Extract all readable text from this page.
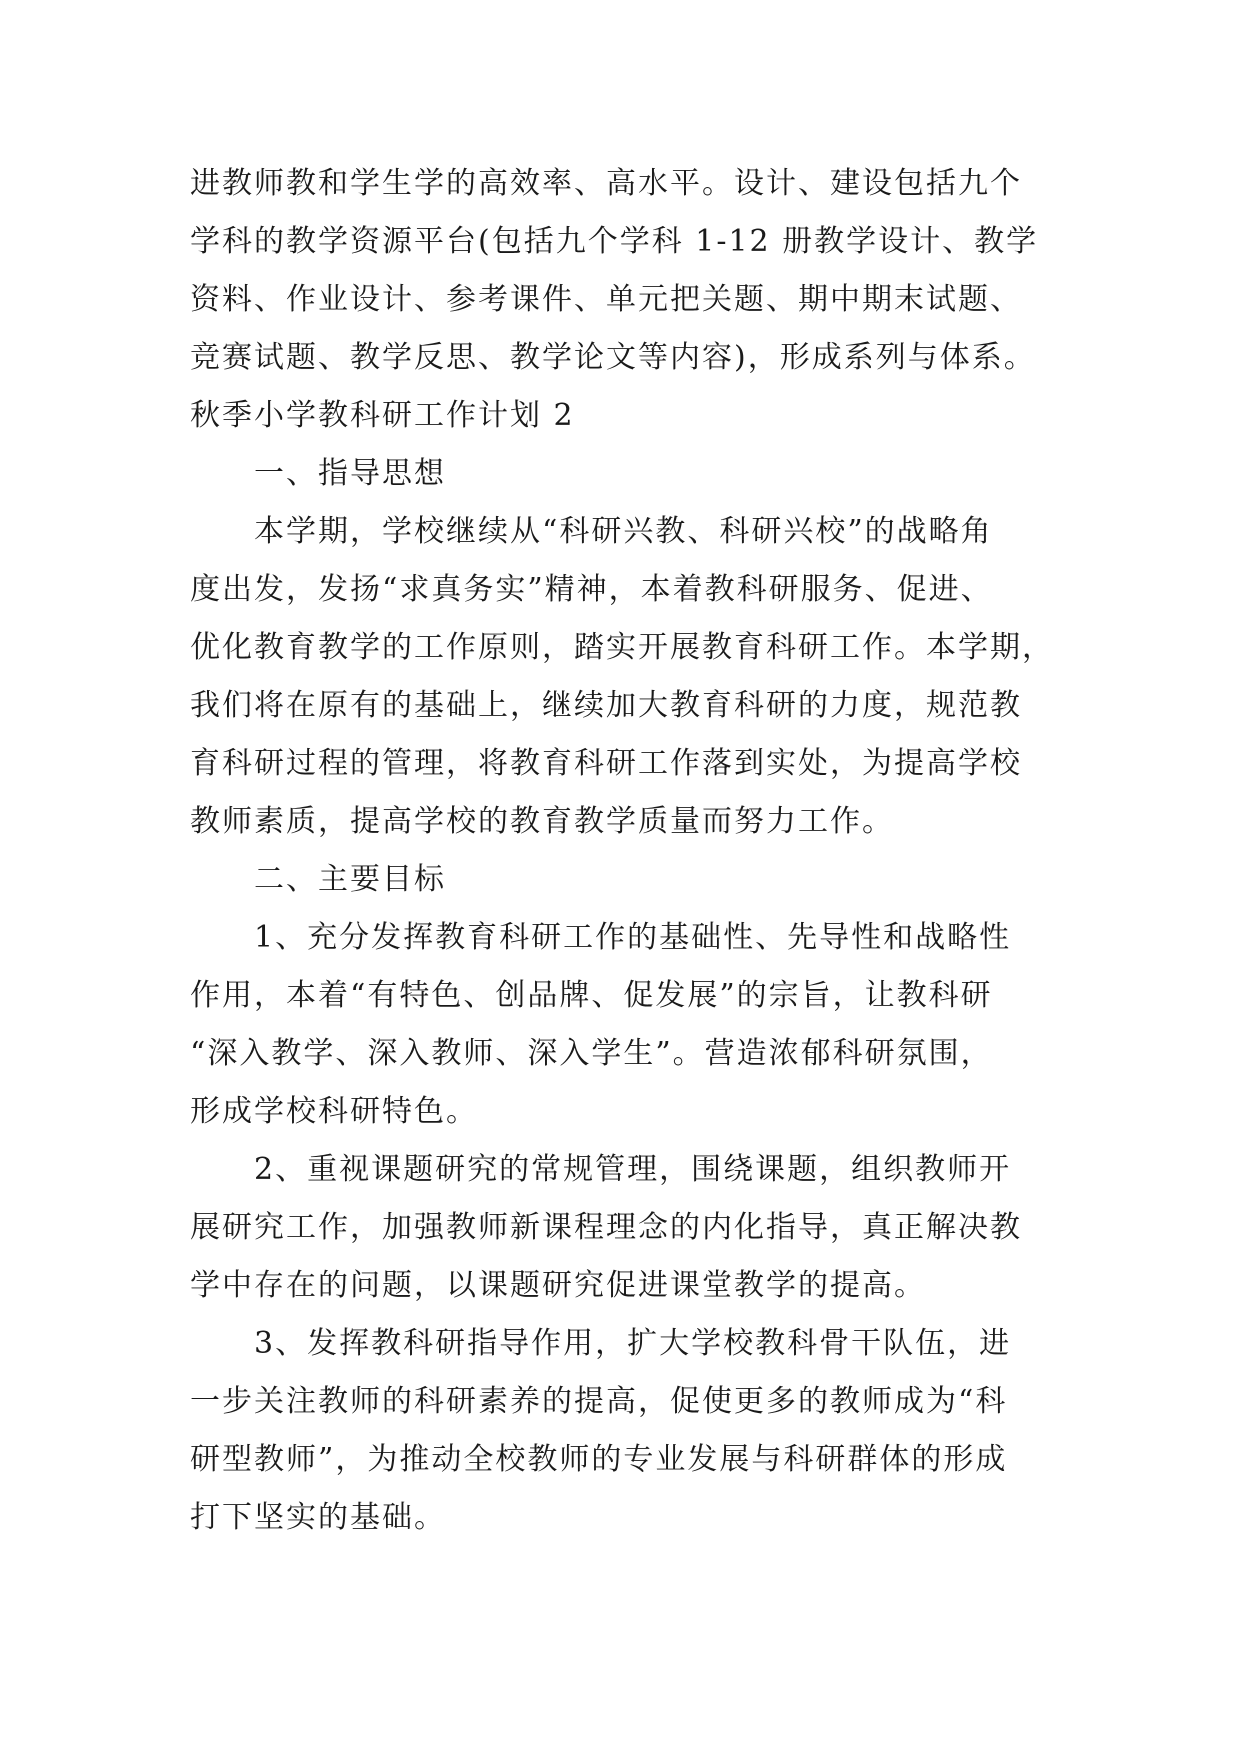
进教师教和学生学的高效率、高水平。设计、建设包括九个
学科的教学资源平台(包括九个学科 1-12 册教学设计、教学
资料、作业设计、参考课件、单元把关题、期中期末试题、
竞赛试题、教学反思、教学论文等内容)，形成系列与体系。
秋季小学教科研工作计划 2
一、指导思想
本学期，学校继续从“科研兴教、科研兴校”的战略角
度出发，发扬“求真务实”精神，本着教科研服务、促进、
优化教育教学的工作原则，踏实开展教育科研工作。本学期，
我们将在原有的基础上，继续加大教育科研的力度，规范教
育科研过程的管理，将教育科研工作落到实处，为提高学校
教师素质，提高学校的教育教学质量而努力工作。
二、主要目标
1、充分发挥教育科研工作的基础性、先导性和战略性
作用，本着“有特色、创品牌、促发展”的宗旨，让教科研
“深入教学、深入教师、深入学生”。营造浓郁科研氛围，
形成学校科研特色。
2、重视课题研究的常规管理，围绕课题，组织教师开
展研究工作，加强教师新课程理念的内化指导，真正解决教
学中存在的问题，以课题研究促进课堂教学的提高。
3、发挥教科研指导作用，扩大学校教科骨干队伍，进
一步关注教师的科研素养的提高，促使更多的教师成为“科
研型教师”，为推动全校教师的专业发展与科研群体的形成
打下坚实的基础。
